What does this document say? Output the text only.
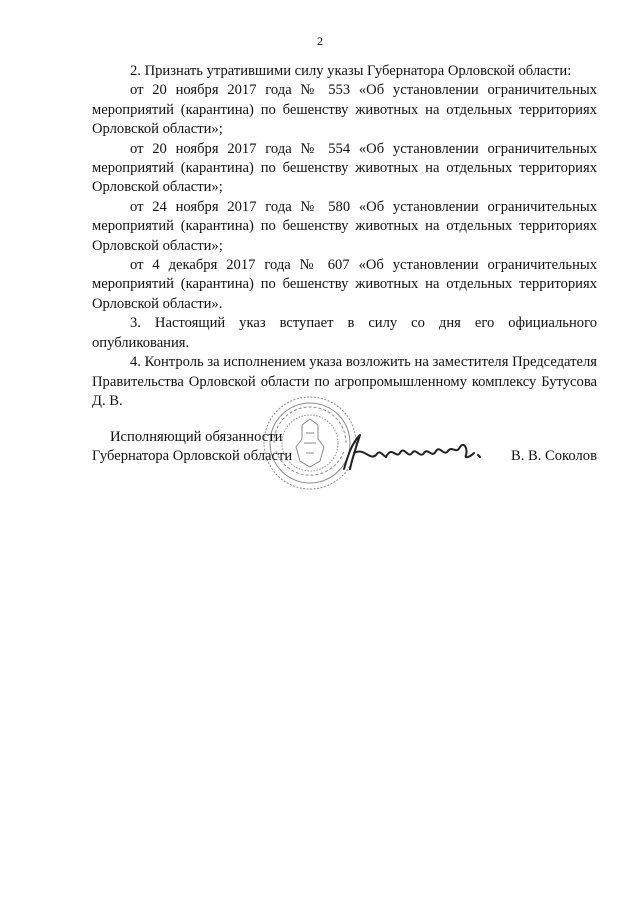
2

2. Признать утратившими силу указы Губернатора Орловской области:

от 20 ноября 2017 года № 553 «Об установлении ограничительных мероприятий (карантина) по бешенству животных на отдельных территориях Орловской области»;

от 20 ноября 2017 года № 554 «Об установлении ограничительных мероприятий (карантина) по бешенству животных на отдельных территориях Орловской области»;

от 24 ноября 2017 года № 580 «Об установлении ограничительных мероприятий (карантина) по бешенству животных на отдельных территориях Орловской области»;

от 4 декабря 2017 года № 607 «Об установлении ограничительных мероприятий (карантина) по бешенству животных на отдельных территориях Орловской области».

3. Настоящий указ вступает в силу со дня его официального опубликования.

4. Контроль за исполнением указа возложить на заместителя Председателя Правительства Орловской области по агропромышленному комплексу Бутусова Д. В.

Исполняющий обязанности
Губернатора Орловской области	В. В. Соколов
